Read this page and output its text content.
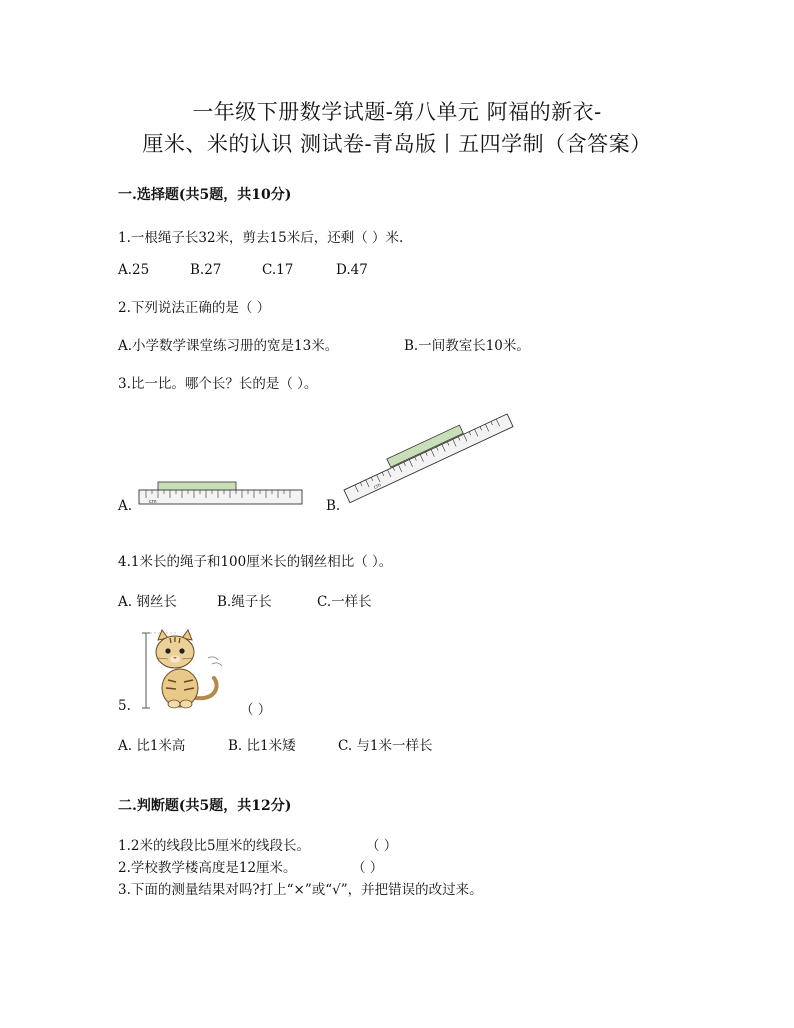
一年级下册数学试题-第八单元 阿福的新衣-
厘米、米的认识 测试卷-青岛版丨五四学制（含答案）
一.选择题(共5题，共10分)
1.一根绳子长32米，剪去15米后，还剩（ ）米.
A.25	B.27	C.17	D.47
2.下列说法正确的是（ ）
A.小学数学课堂练习册的宽是13米。	B.一间教室长10米。
3.比一比。哪个长？长的是（ ）。
cm
A.
cm
B.
4.1米长的绳子和100厘米长的钢丝相比（ ）。
A. 钢丝长	B.绳子长	C.一样长
5.	（ ）
A. 比1米高	B. 比1米矮	C. 与1米一样长
二.判断题(共5题，共12分)
1.2米的线段比5厘米的线段长。	（ ）
2.学校教学楼高度是12厘米。	（ ）
3.下面的测量结果对吗?打上“×”或“√”，并把错误的改过来。
